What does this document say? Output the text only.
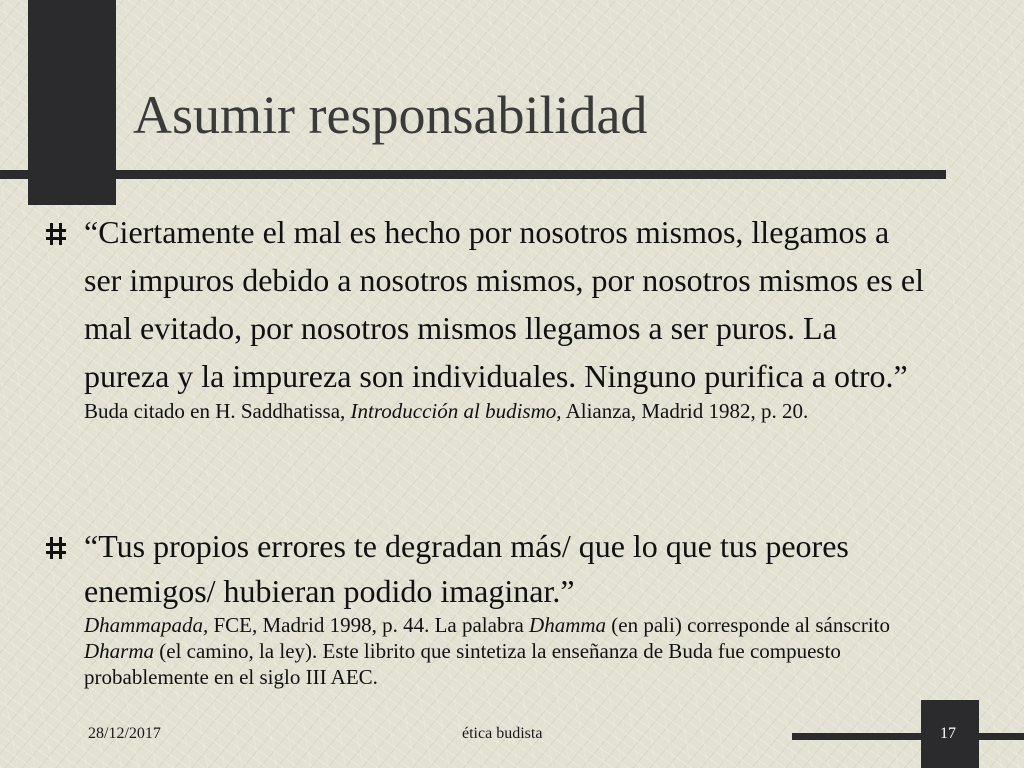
Asumir responsabilidad
“Ciertamente el mal es hecho por nosotros mismos, llegamos a ser impuros debido a nosotros mismos, por nosotros mismos es el mal evitado, por nosotros mismos llegamos a ser puros. La pureza y la impureza son individuales. Ninguno purifica a otro.”
Buda citado en H. Saddhatissa, Introducción al budismo, Alianza, Madrid 1982, p. 20.
“Tus propios errores te degradan más/ que lo que tus peores enemigos/ hubieran podido imaginar.”
Dhammapada, FCE, Madrid 1998, p. 44. La palabra Dhamma (en pali) corresponde al sánscrito Dharma (el camino, la ley). Este librito que sintetiza la enseñanza de Buda fue compuesto probablemente en el siglo III AEC.
28/12/2017	ética budista	17
